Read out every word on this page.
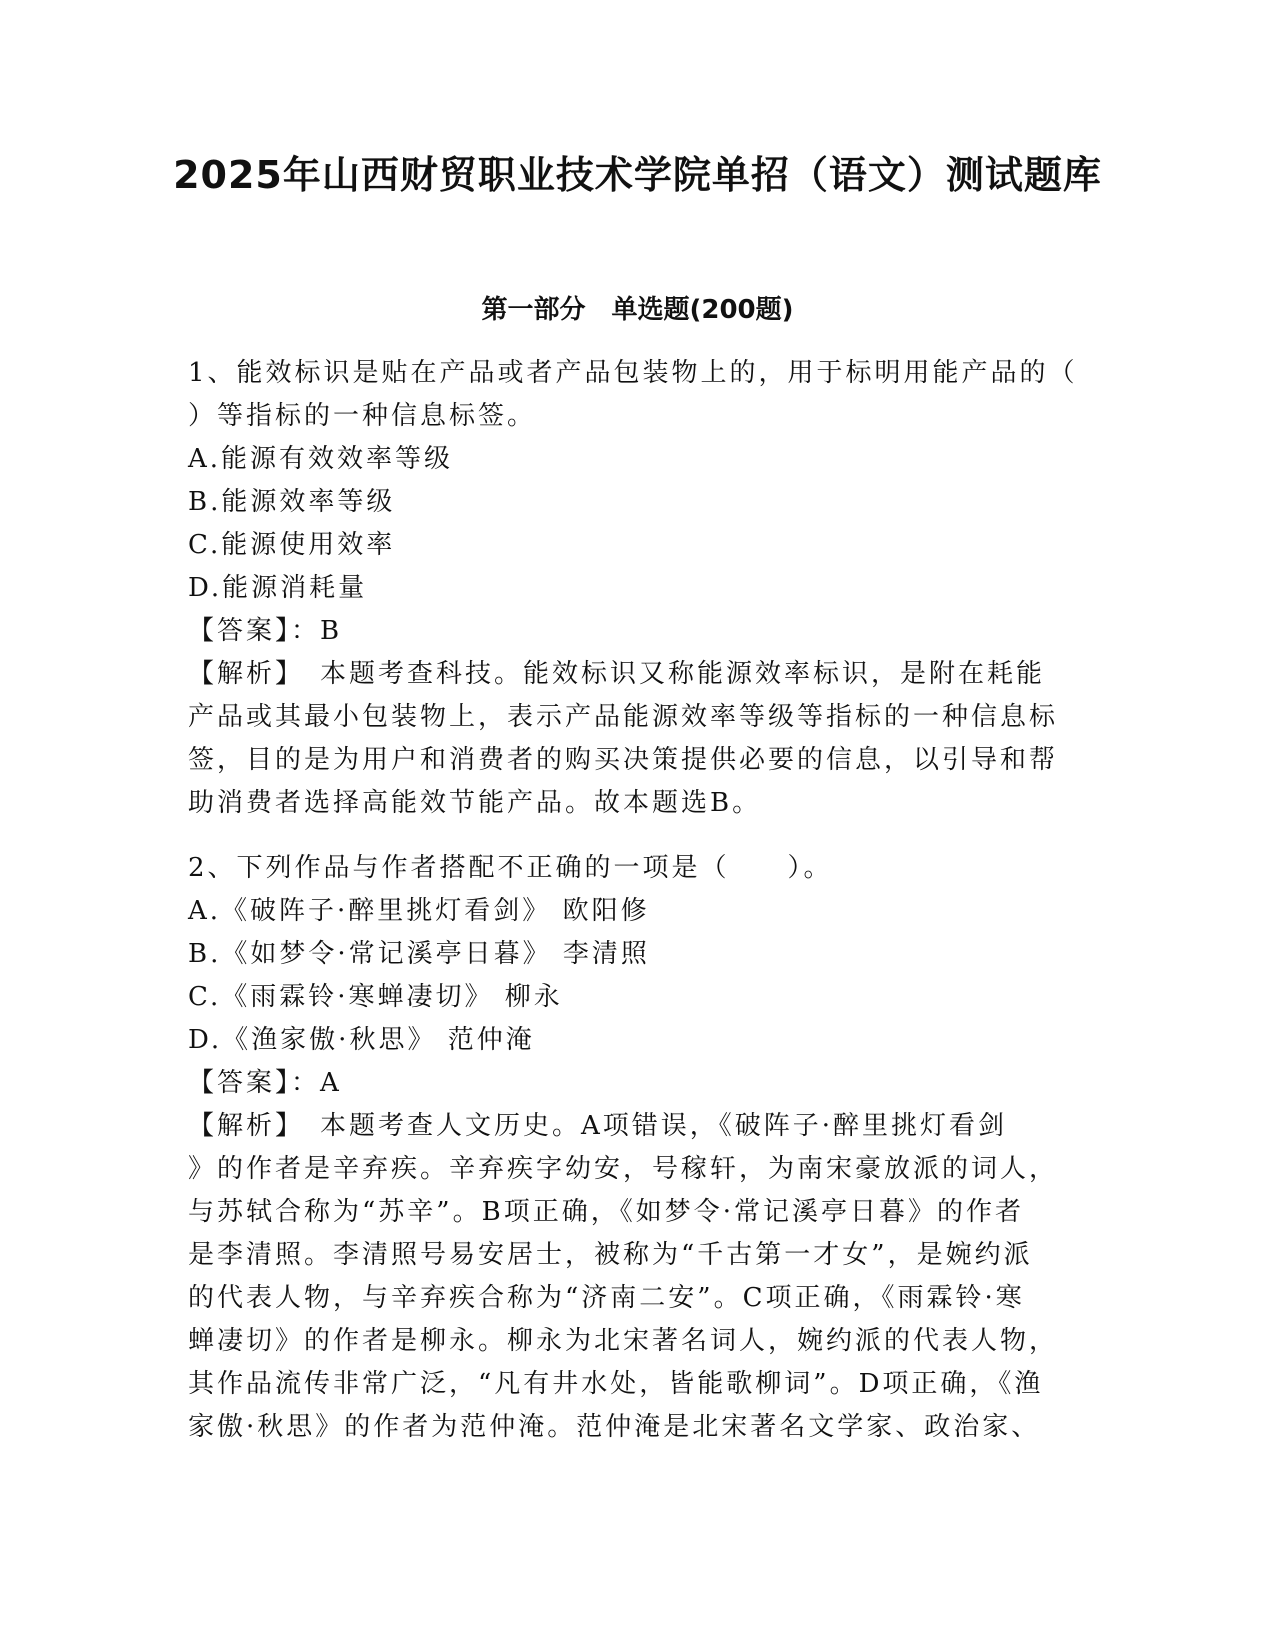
2025年山西财贸职业技术学院单招（语文）测试题库
第一部分　单选题(200题)
1、能效标识是贴在产品或者产品包装物上的，用于标明用能产品的（
）等指标的一种信息标签。
A.能源有效效率等级
B.能源效率等级
C.能源使用效率
D.能源消耗量
【答案】：B
【解析】　本题考查科技。能效标识又称能源效率标识，是附在耗能
产品或其最小包装物上，表示产品能源效率等级等指标的一种信息标
签，目的是为用户和消费者的购买决策提供必要的信息，以引导和帮
助消费者选择高能效节能产品。故本题选B。
2、下列作品与作者搭配不正确的一项是（　　）。
A.《破阵子·醉里挑灯看剑》 欧阳修
B.《如梦令·常记溪亭日暮》 李清照
C.《雨霖铃·寒蝉凄切》 柳永
D.《渔家傲·秋思》 范仲淹
【答案】：A
【解析】　本题考查人文历史。A项错误，《破阵子·醉里挑灯看剑
》的作者是辛弃疾。辛弃疾字幼安，号稼轩，为南宋豪放派的词人，
与苏轼合称为“苏辛”。B项正确，《如梦令·常记溪亭日暮》的作者
是李清照。李清照号易安居士，被称为“千古第一才女”，是婉约派
的代表人物，与辛弃疾合称为“济南二安”。C项正确，《雨霖铃·寒
蝉凄切》的作者是柳永。柳永为北宋著名词人，婉约派的代表人物，
其作品流传非常广泛，“凡有井水处，皆能歌柳词”。D项正确，《渔
家傲·秋思》的作者为范仲淹。范仲淹是北宋著名文学家、政治家、
